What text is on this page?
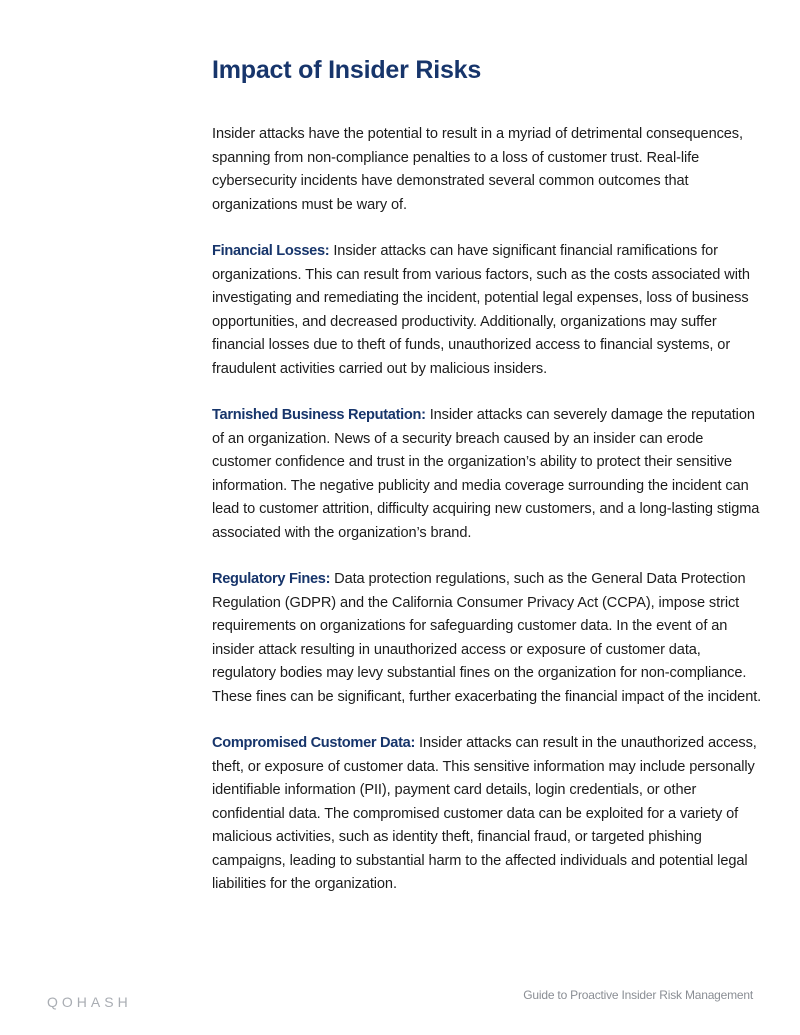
Impact of Insider Risks

Insider attacks have the potential to result in a myriad of detrimental consequences, spanning from non-compliance penalties to a loss of customer trust. Real-life cybersecurity incidents have demonstrated several common outcomes that organizations must be wary of.

Financial Losses: Insider attacks can have significant financial ramifications for organizations. This can result from various factors, such as the costs associated with investigating and remediating the incident, potential legal expenses, loss of business opportunities, and decreased productivity. Additionally, organizations may suffer financial losses due to theft of funds, unauthorized access to financial systems, or fraudulent activities carried out by malicious insiders.

Tarnished Business Reputation: Insider attacks can severely damage the reputation of an organization. News of a security breach caused by an insider can erode customer confidence and trust in the organization’s ability to protect their sensitive information. The negative publicity and media coverage surrounding the incident can lead to customer attrition, difficulty acquiring new customers, and a long-lasting stigma associated with the organization’s brand.

Regulatory Fines: Data protection regulations, such as the General Data Protection Regulation (GDPR) and the California Consumer Privacy Act (CCPA), impose strict requirements on organizations for safeguarding customer data. In the event of an insider attack resulting in unauthorized access or exposure of customer data, regulatory bodies may levy substantial fines on the organization for non-compliance. These fines can be significant, further exacerbating the financial impact of the incident.

Compromised Customer Data: Insider attacks can result in the unauthorized access, theft, or exposure of customer data. This sensitive information may include personally identifiable information (PII), payment card details, login credentials, or other confidential data. The compromised customer data can be exploited for a variety of malicious activities, such as identity theft, financial fraud, or targeted phishing campaigns, leading to substantial harm to the affected individuals and potential legal liabilities for the organization.

QOHASH	Guide to Proactive Insider Risk Management
